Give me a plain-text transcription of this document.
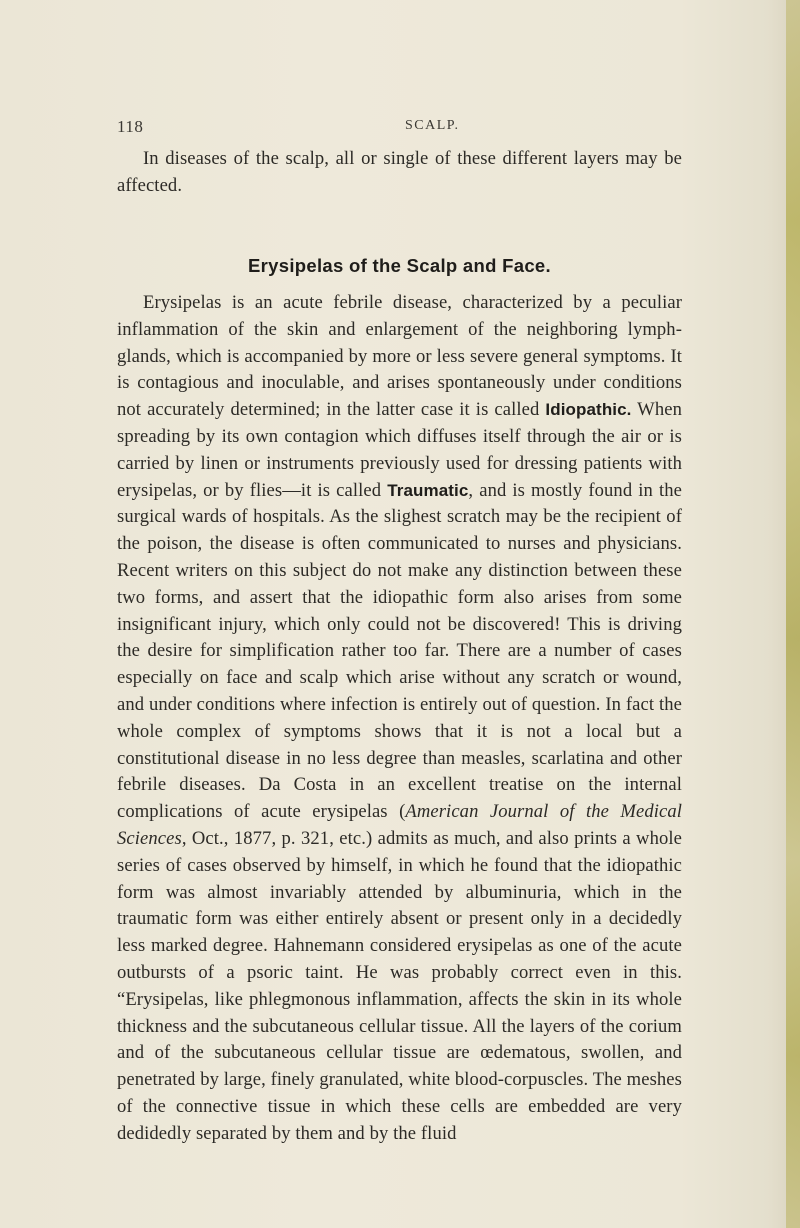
118	SCALP.

In diseases of the scalp, all or single of these different layers may be affected.

Erysipelas of the Scalp and Face.

Erysipelas is an acute febrile disease, characterized by a peculiar inflammation of the skin and enlargement of the neighboring lymph-glands, which is accompanied by more or less severe general symptoms. It is contagious and inoculable, and arises spontaneously under conditions not accurately determined; in the latter case it is called Idiopathic. When spreading by its own contagion which diffuses itself through the air or is carried by linen or instruments previously used for dressing patients with erysipelas, or by flies—it is called Traumatic, and is mostly found in the surgical wards of hospitals. As the slighest scratch may be the recipient of the poison, the disease is often communicated to nurses and physicians. Recent writers on this subject do not make any distinction between these two forms, and assert that the idiopathic form also arises from some insignificant injury, which only could not be discovered! This is driving the desire for simplification rather too far. There are a number of cases especially on face and scalp which arise without any scratch or wound, and under conditions where infection is entirely out of question. In fact the whole complex of symptoms shows that it is not a local but a constitutional disease in no less degree than measles, scarlatina and other febrile diseases. Da Costa in an excellent treatise on the internal complications of acute erysipelas (American Journal of the Medical Sciences, Oct., 1877, p. 321, etc.) admits as much, and also prints a whole series of cases observed by himself, in which he found that the idiopathic form was almost invariably attended by albuminuria, which in the traumatic form was either entirely absent or present only in a decidedly less marked degree. Hahnemann considered erysipelas as one of the acute outbursts of a psoric taint. He was probably correct even in this. “Erysipelas, like phlegmonous inflammation, affects the skin in its whole thickness and the subcutaneous cellular tissue. All the layers of the corium and of the subcutaneous cellular tissue are œdematous, swollen, and penetrated by large, finely granulated, white blood-corpuscles. The meshes of the connective tissue in which these cells are embedded are very dedidedly separated by them and by the fluid
